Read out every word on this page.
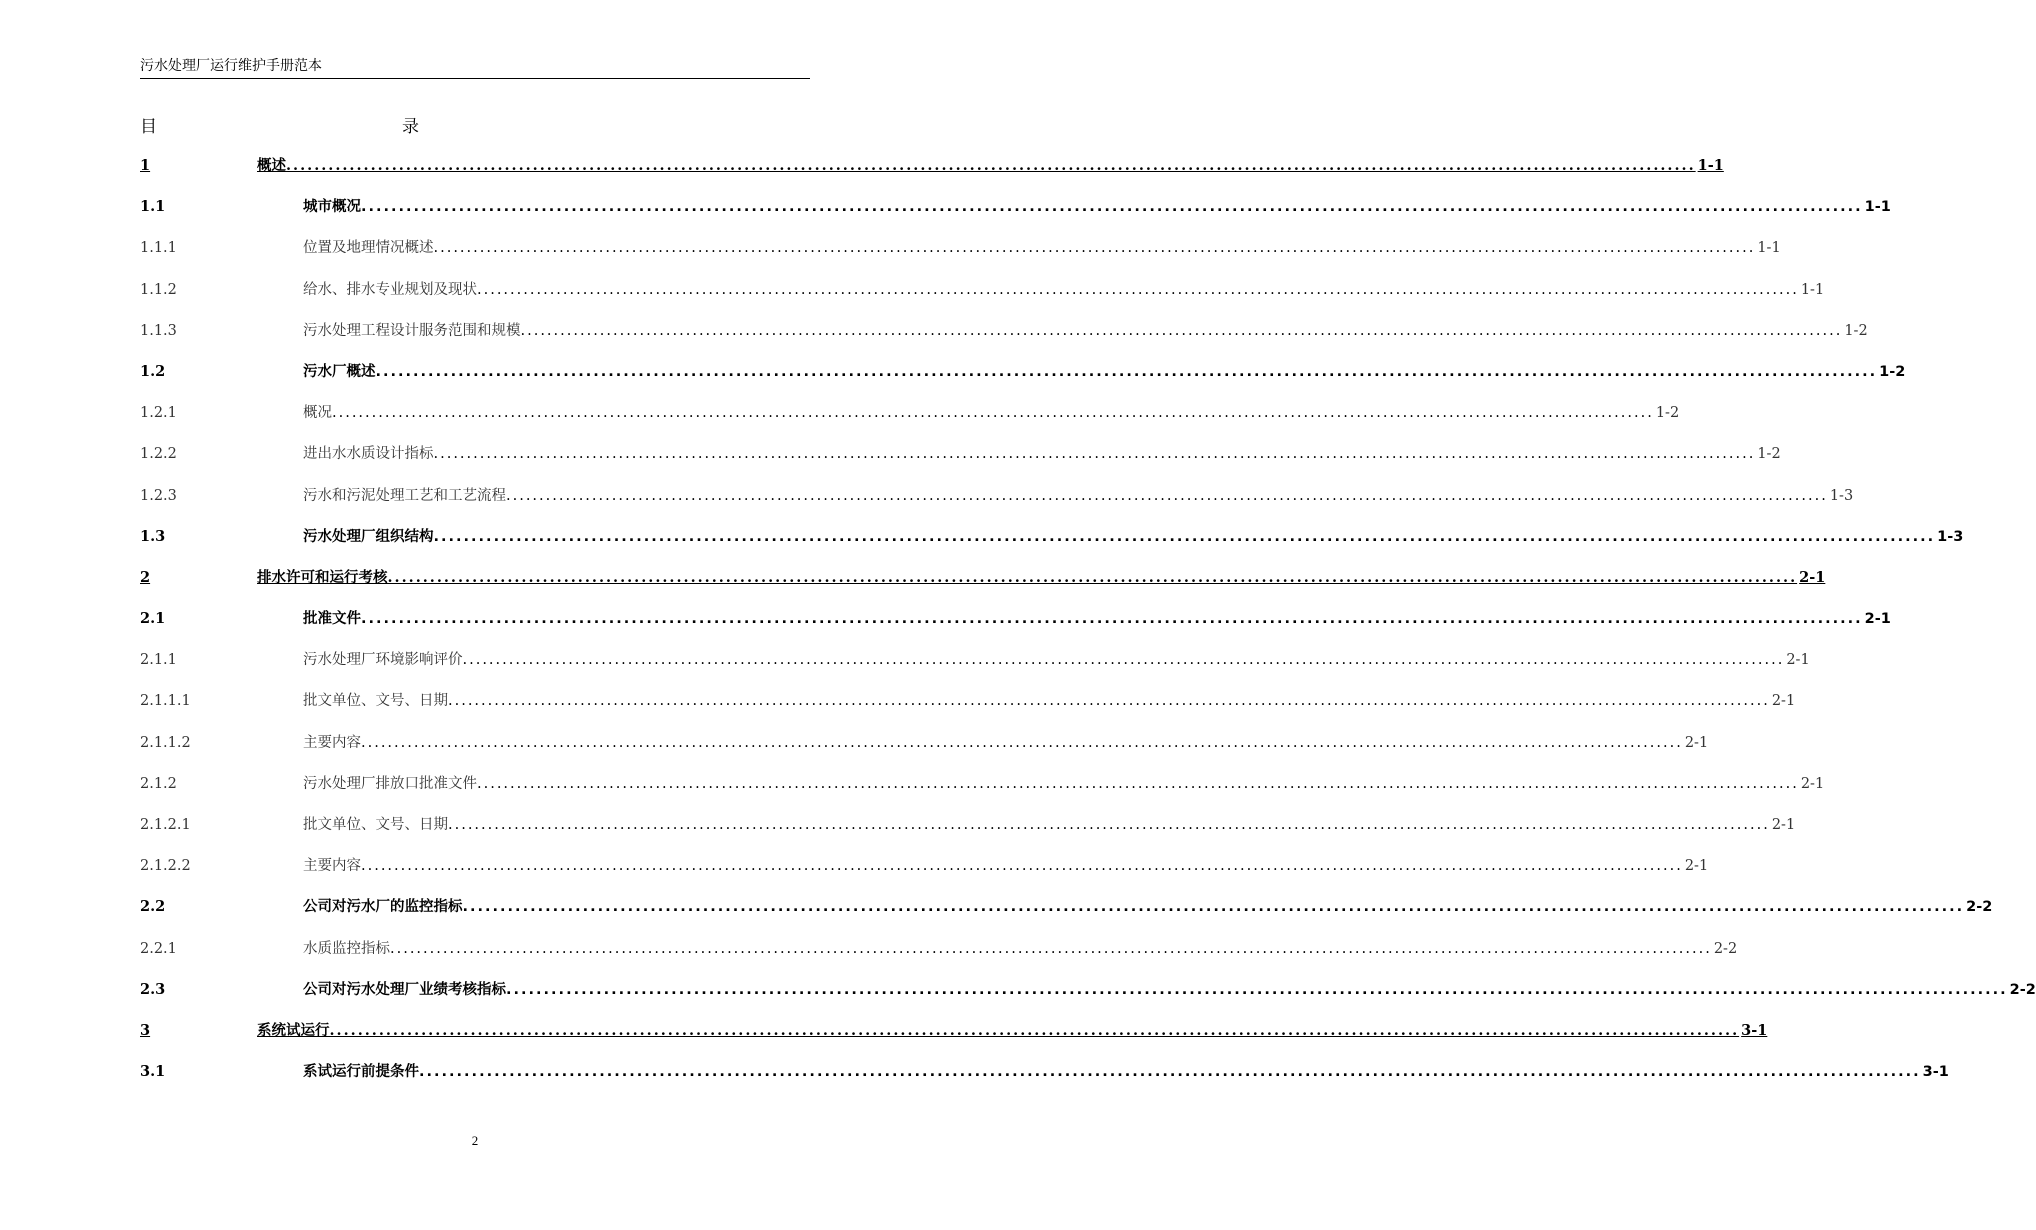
污水处理厂运行维护手册范本
目	录
1	概述 ........................................................................................................................................................................................................ 1-1
1.1	城市概况 ........................................................................................................................................................................................................ 1-1
1.1.1	位置及地理情况概述 ........................................................................................................................................................................................................ 1-1
1.1.2	给水、排水专业规划及现状 ........................................................................................................................................................................................................ 1-1
1.1.3	污水处理工程设计服务范围和规模 ........................................................................................................................................................................................................ 1-2
1.2	污水厂概述 ........................................................................................................................................................................................................ 1-2
1.2.1	概况 ........................................................................................................................................................................................................ 1-2
1.2.2	进出水水质设计指标 ........................................................................................................................................................................................................ 1-2
1.2.3	污水和污泥处理工艺和工艺流程 ........................................................................................................................................................................................................ 1-3
1.3	污水处理厂组织结构 ........................................................................................................................................................................................................ 1-3
2	排水许可和运行考核 ........................................................................................................................................................................................................ 2-1
2.1	批准文件 ........................................................................................................................................................................................................ 2-1
2.1.1	污水处理厂环境影响评价 ........................................................................................................................................................................................................ 2-1
2.1.1.1	批文单位、文号、日期 ........................................................................................................................................................................................................ 2-1
2.1.1.2	主要内容 ........................................................................................................................................................................................................ 2-1
2.1.2	污水处理厂排放口批准文件 ........................................................................................................................................................................................................ 2-1
2.1.2.1	批文单位、文号、日期 ........................................................................................................................................................................................................ 2-1
2.1.2.2	主要内容 ........................................................................................................................................................................................................ 2-1
2.2	公司对污水厂的监控指标 ........................................................................................................................................................................................................ 2-2
2.2.1	水质监控指标 ........................................................................................................................................................................................................ 2-2
2.3	公司对污水处理厂业绩考核指标 ........................................................................................................................................................................................................ 2-2
3	系统试运行 ........................................................................................................................................................................................................ 3-1
3.1	系试运行前提条件 ........................................................................................................................................................................................................ 3-1
2
